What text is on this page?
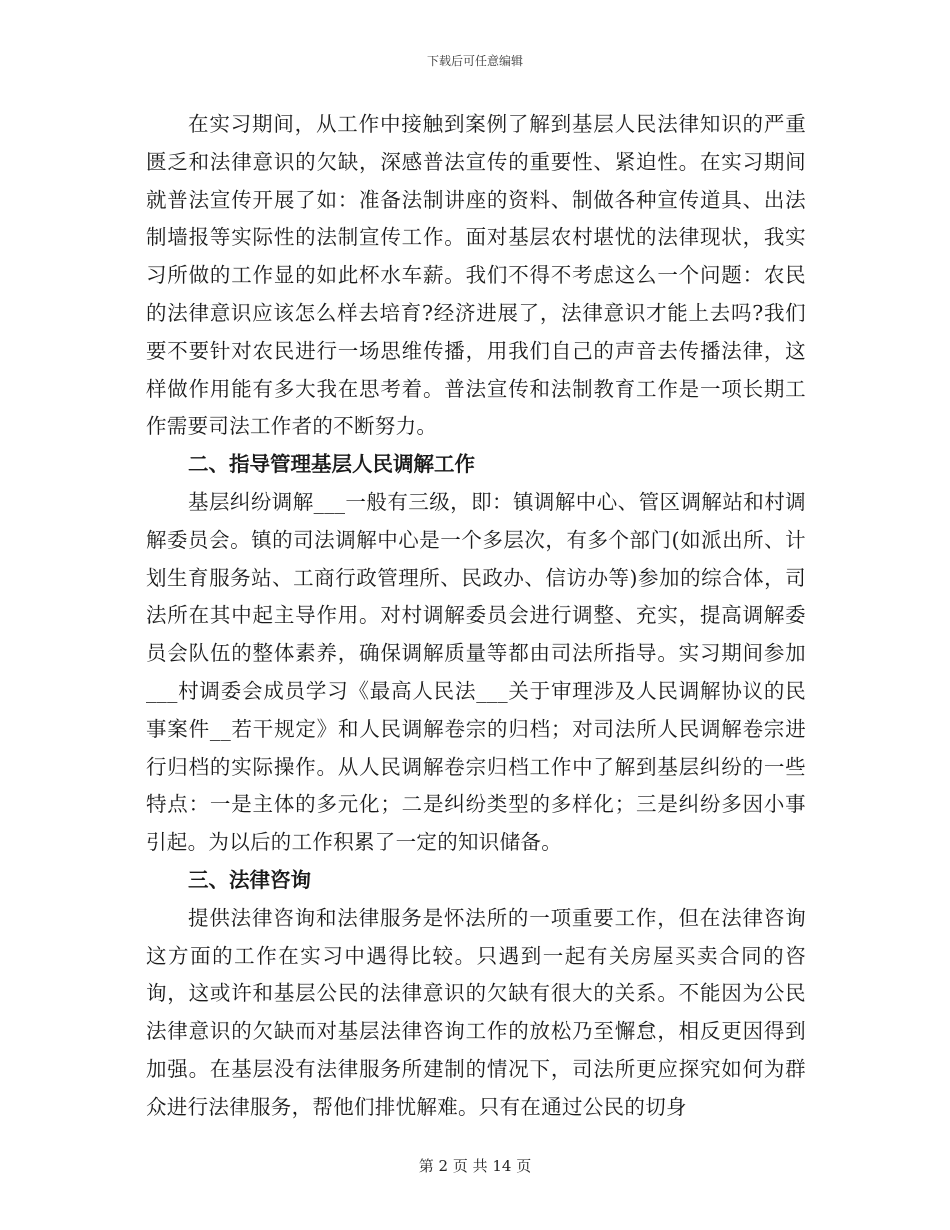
下载后可任意编辑

在实习期间，从工作中接触到案例了解到基层人民法律知识的严重匮乏和法律意识的欠缺，深感普法宣传的重要性、紧迫性。在实习期间就普法宣传开展了如：准备法制讲座的资料、制做各种宣传道具、出法制墙报等实际性的法制宣传工作。面对基层农村堪忧的法律现状，我实习所做的工作显的如此杯水车薪。我们不得不考虑这么一个问题：农民的法律意识应该怎么样去培育?经济进展了，法律意识才能上去吗?我们要不要针对农民进行一场思维传播，用我们自己的声音去传播法律，这样做作用能有多大我在思考着。普法宣传和法制教育工作是一项长期工作需要司法工作者的不断努力。

二、指导管理基层人民调解工作

基层纠纷调解___一般有三级，即：镇调解中心、管区调解站和村调解委员会。镇的司法调解中心是一个多层次，有多个部门(如派出所、计划生育服务站、工商行政管理所、民政办、信访办等)参加的综合体，司法所在其中起主导作用。对村调解委员会进行调整、充实，提高调解委员会队伍的整体素养，确保调解质量等都由司法所指导。实习期间参加___村调委会成员学习《最高人民法___关于审理涉及人民调解协议的民事案件__若干规定》和人民调解卷宗的归档；对司法所人民调解卷宗进行归档的实际操作。从人民调解卷宗归档工作中了解到基层纠纷的一些特点：一是主体的多元化；二是纠纷类型的多样化；三是纠纷多因小事引起。为以后的工作积累了一定的知识储备。

三、法律咨询

提供法律咨询和法律服务是怀法所的一项重要工作，但在法律咨询这方面的工作在实习中遇得比较。只遇到一起有关房屋买卖合同的咨询，这或许和基层公民的法律意识的欠缺有很大的关系。不能因为公民法律意识的欠缺而对基层法律咨询工作的放松乃至懈怠，相反更因得到加强。在基层没有法律服务所建制的情况下，司法所更应探究如何为群众进行法律服务，帮他们排忧解难。只有在通过公民的切身

第 2 页 共 14 页
